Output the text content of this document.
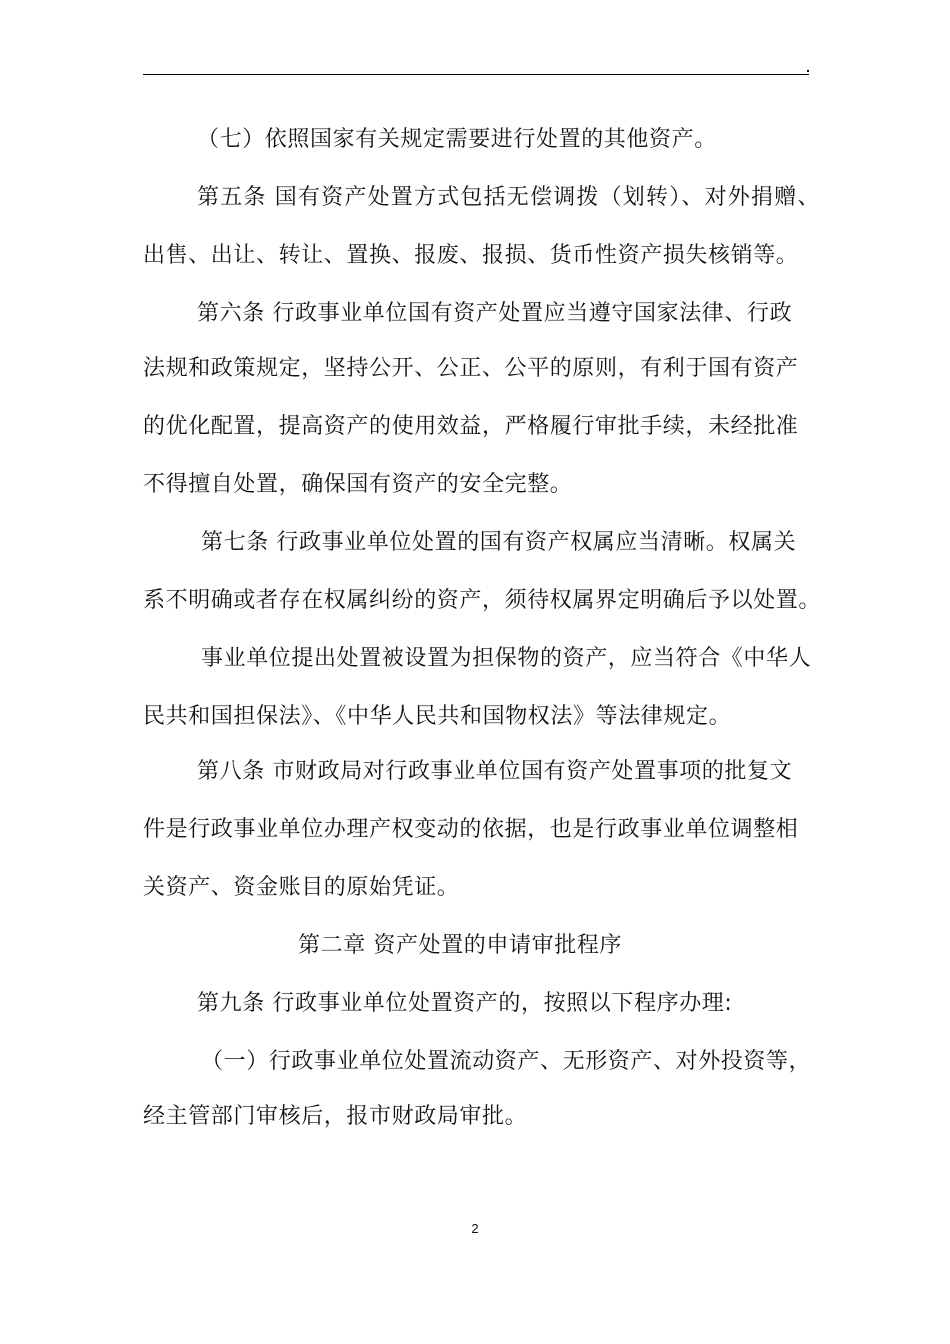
（七）依照国家有关规定需要进行处置的其他资产。
第五条 国有资产处置方式包括无偿调拨（划转）、对外捐赠、
出售、出让、转让、置换、报废、报损、货币性资产损失核销等。
第六条 行政事业单位国有资产处置应当遵守国家法律、行政
法规和政策规定，坚持公开、公正、公平的原则，有利于国有资产
的优化配置，提高资产的使用效益，严格履行审批手续，未经批准
不得擅自处置，确保国有资产的安全完整。
第七条 行政事业单位处置的国有资产权属应当清晰。权属关
系不明确或者存在权属纠纷的资产，须待权属界定明确后予以处置。
事业单位提出处置被设置为担保物的资产，应当符合《中华人
民共和国担保法》、《中华人民共和国物权法》等法律规定。
第八条 市财政局对行政事业单位国有资产处置事项的批复文
件是行政事业单位办理产权变动的依据，也是行政事业单位调整相
关资产、资金账目的原始凭证。
第二章 资产处置的申请审批程序
第九条 行政事业单位处置资产的，按照以下程序办理:
（一）行政事业单位处置流动资产、无形资产、对外投资等，
经主管部门审核后，报市财政局审批。
2
